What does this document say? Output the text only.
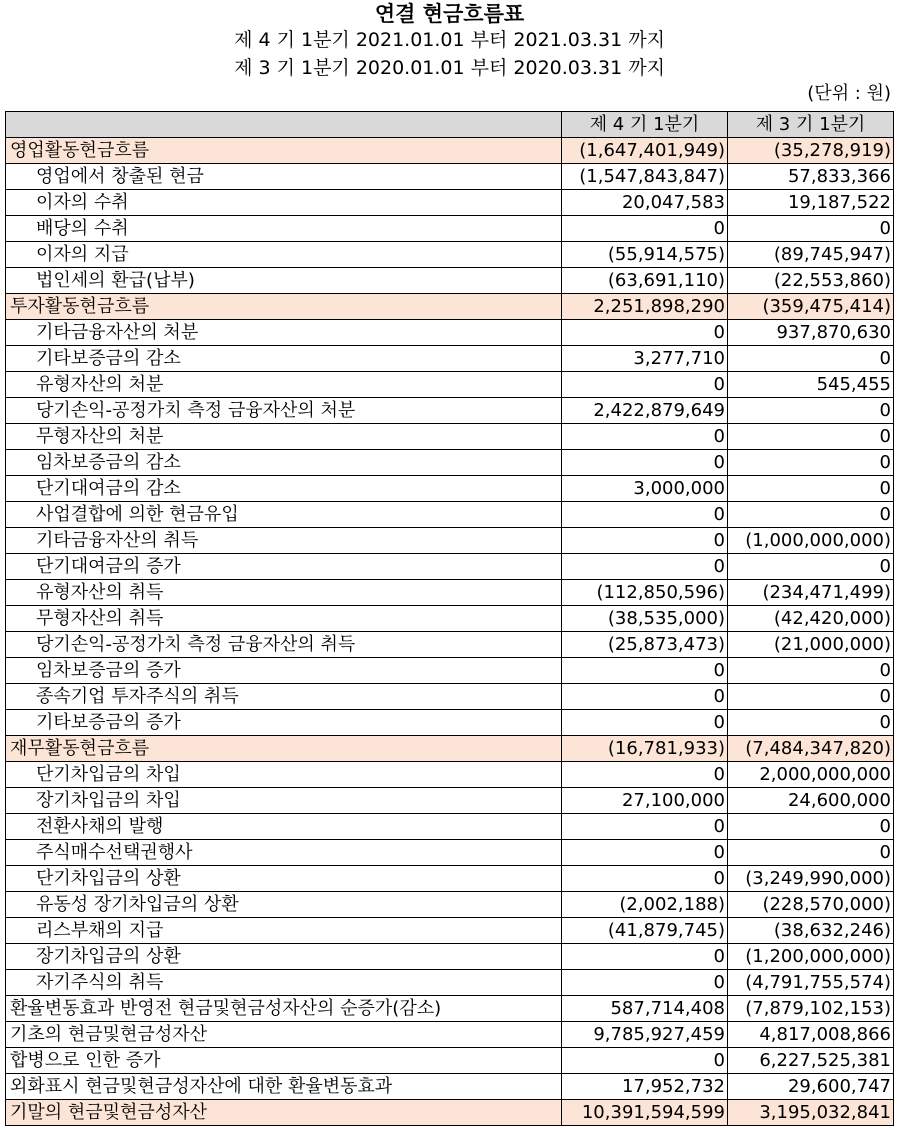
연결 현금흐름표
제 4 기 1분기 2021.01.01 부터 2021.03.31 까지
제 3 기 1분기 2020.01.01 부터 2020.03.31 까지
(단위 : 원)
	제 4 기 1분기	제 3 기 1분기
영업활동현금흐름	(1,647,401,949)	(35,278,919)
영업에서 창출된 현금	(1,547,843,847)	57,833,366
이자의 수취	20,047,583	19,187,522
배당의 수취	0	0
이자의 지급	(55,914,575)	(89,745,947)
법인세의 환급(납부)	(63,691,110)	(22,553,860)
투자활동현금흐름	2,251,898,290	(359,475,414)
기타금융자산의 처분	0	937,870,630
기타보증금의 감소	3,277,710	0
유형자산의 처분	0	545,455
당기손익-공정가치 측정 금융자산의 처분	2,422,879,649	0
무형자산의 처분	0	0
임차보증금의 감소	0	0
단기대여금의 감소	3,000,000	0
사업결합에 의한 현금유입	0	0
기타금융자산의 취득	0	(1,000,000,000)
단기대여금의 증가	0	0
유형자산의 취득	(112,850,596)	(234,471,499)
무형자산의 취득	(38,535,000)	(42,420,000)
당기손익-공정가치 측정 금융자산의 취득	(25,873,473)	(21,000,000)
임차보증금의 증가	0	0
종속기업 투자주식의 취득	0	0
기타보증금의 증가	0	0
재무활동현금흐름	(16,781,933)	(7,484,347,820)
단기차입금의 차입	0	2,000,000,000
장기차입금의 차입	27,100,000	24,600,000
전환사채의 발행	0	0
주식매수선택권행사	0	0
단기차입금의 상환	0	(3,249,990,000)
유동성 장기차입금의 상환	(2,002,188)	(228,570,000)
리스부채의 지급	(41,879,745)	(38,632,246)
장기차입금의 상환	0	(1,200,000,000)
자기주식의 취득	0	(4,791,755,574)
환율변동효과 반영전 현금및현금성자산의 순증가(감소)	587,714,408	(7,879,102,153)
기초의 현금및현금성자산	9,785,927,459	4,817,008,866
합병으로 인한 증가	0	6,227,525,381
외화표시 현금및현금성자산에 대한 환율변동효과	17,952,732	29,600,747
기말의 현금및현금성자산	10,391,594,599	3,195,032,841
